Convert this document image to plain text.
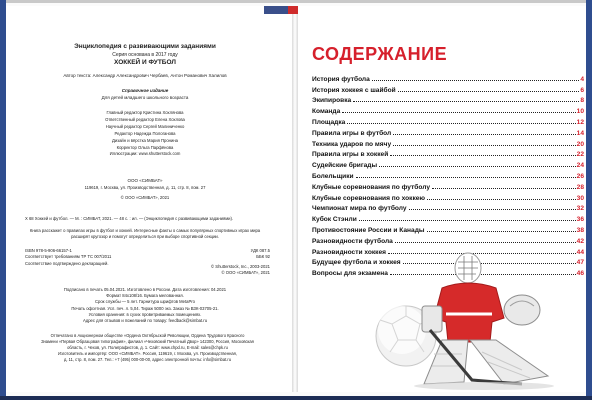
Энциклопедия с развивающими заданиями
Серия основана в 2017 году
ХОККЕЙ И ФУТБОЛ
Автор текста: Александр Александрович Чербаев, Антон Романович Халилов
Справочное издание
Для детей младшего школьного возраста
Главный редактор Кристина Хохлянова
Ответственный редактор Елена Хохлова
Научный редактор Сергей Малиниченко
Редактор Надежда Пологанова
Дизайн и вёрстка Мария Пронина
Корректор Ольга Парфёнова
Иллюстрации: www.shutterstock.com
ООО «СИМБАТ»
119619, г. Москва, ул. Производственная, д. 11, стр. 8, пом. 27
© ООО «СИМБАТ», 2021
Х 68 Хоккей и футбол. — М. : СИМБАТ, 2021. — 48 с. : ил. — (Энциклопедия с развивающими заданиями).
ISBN 978-5-906-66157-1
Соответствует требованиям ТР ТС 007/2011
Соответствие подтверждено декларацией.
УДК 087.5
ББК 92
Книга расскажет о правилах игры в футбол и хоккей. Интересные факты о самых популярных спортивных играх мира расширят кругозор и помогут определиться при выборе спортивной секции.
© Shutterstock, Inc., 2003-2021
© ООО «СИМБАТ», 2021
Подписано в печать 05.04.2021. Изготовлено в России. Дата изготовления: 04.2021
Формат 84х108/16. Бумага мелованная.
Срок службы — 5 лет. Гарнитура шрифтов MetaPro
Печать офсетная. Усл. печ. л. 5,04. Тираж 5000 экз. Заказ № ВЗК-03705-21.
Условия хранения: в сухих проветриваемых помещениях.
Адрес для отзывов и пожеланий по товару: feedback@simbat.ru
Отпечатано в Акционерном обществе «Ордена Октябрьской Революции, Ордена Трудового Красного
Знамени «Первая Образцовая типография», филиал «Чеховский Печатный Двор» 142300, Россия, Московская
область, г. Чехов, ул. Полиграфистов, д. 1. Сайт: www.chpd.ru, E-mail: sales@chpk.ru
Изготовитель и импортёр: ООО «СИМБАТ». Россия, 119619, г. Москва, ул. Производственная,
д. 11, стр. 8, пом. 27. Тел.: +7 (495) 000-00-00, адрес электронной почты: info@simbat.ru
СОДЕРЖАНИЕ
История футбола	4
История хоккея с шайбой	6
Экипировка	8
Команда	10
Площадка	12
Правила игры в футбол	14
Техника ударов по мячу	20
Правила игры в хоккей	22
Судейские бригады	24
Болельщики	26
Клубные соревнования по футболу	28
Клубные соревнования по хоккею	30
Чемпионат мира по футболу	32
Кубок Стэнли	36
Противостояние России и Канады	38
Разновидности футбола	42
Разновидности хоккея	44
Будущее футбола и хоккея	47
Вопросы для экзамена	46
